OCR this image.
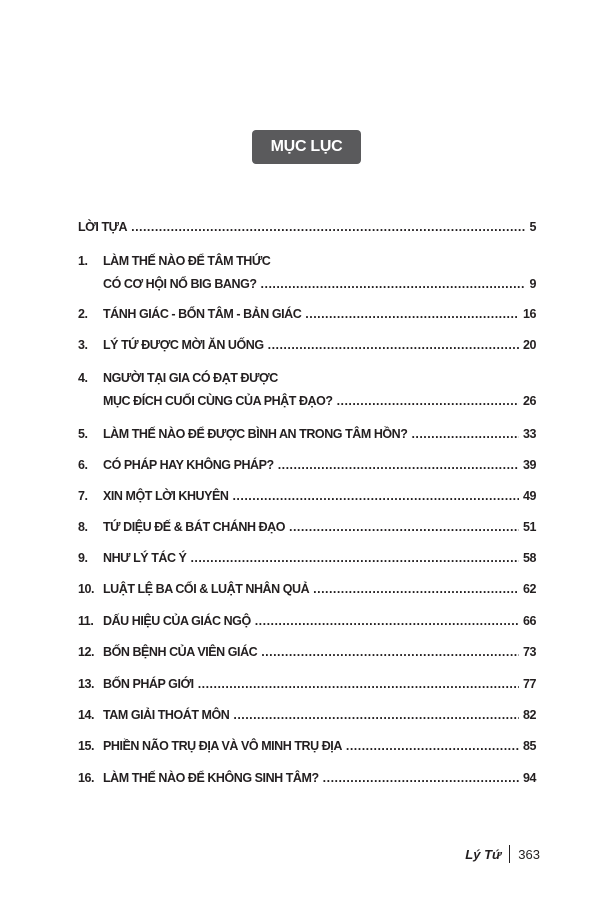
MỤC LỤC
LỜI TỰA . . .	5
1.	LÀM THẾ NÀO ĐỂ TÂM THỨC
CÓ CƠ HỘI NỔ BIG BANG? . . .	9
2.	TÁNH GIÁC - BỔN TÂM - BẢN GIÁC . . .	16
3.	LÝ TỨ ĐƯỢC MỜI ĂN UỐNG . . .	20
4.	NGƯỜI TẠI GIA CÓ ĐẠT ĐƯỢC
MỤC ĐÍCH CUỐI CÙNG CỦA PHẬT ĐẠO? . . .	26
5.	LÀM THẾ NÀO ĐỂ ĐƯỢC BÌNH AN TRONG TÂM HỒN? . . .	33
6.	CÓ PHÁP HAY KHÔNG PHÁP? . . .	39
7.	XIN MỘT LỜI KHUYÊN . . .	49
8.	TỨ DIỆU ĐẾ & BÁT CHÁNH ĐẠO . . .	51
9.	NHƯ LÝ TÁC Ý . . .	58
10. LUẬT LỆ BA CỐI & LUẬT NHÂN QUẢ . . .	62
11. DẤU HIỆU CỦA GIÁC NGỘ . . .	66
12. BỐN BỆNH CỦA VIÊN GIÁC . . .	73
13. BỐN PHÁP GIỚI . . .	77
14. TAM GIẢI THOÁT MÔN . . .	82
15. PHIỀN NÃO TRỤ ĐỊA VÀ VÔ MINH TRỤ ĐỊA . . .	85
16. LÀM THẾ NÀO ĐỂ KHÔNG SINH TÂM? . . .	94
Lý Tứ 363
